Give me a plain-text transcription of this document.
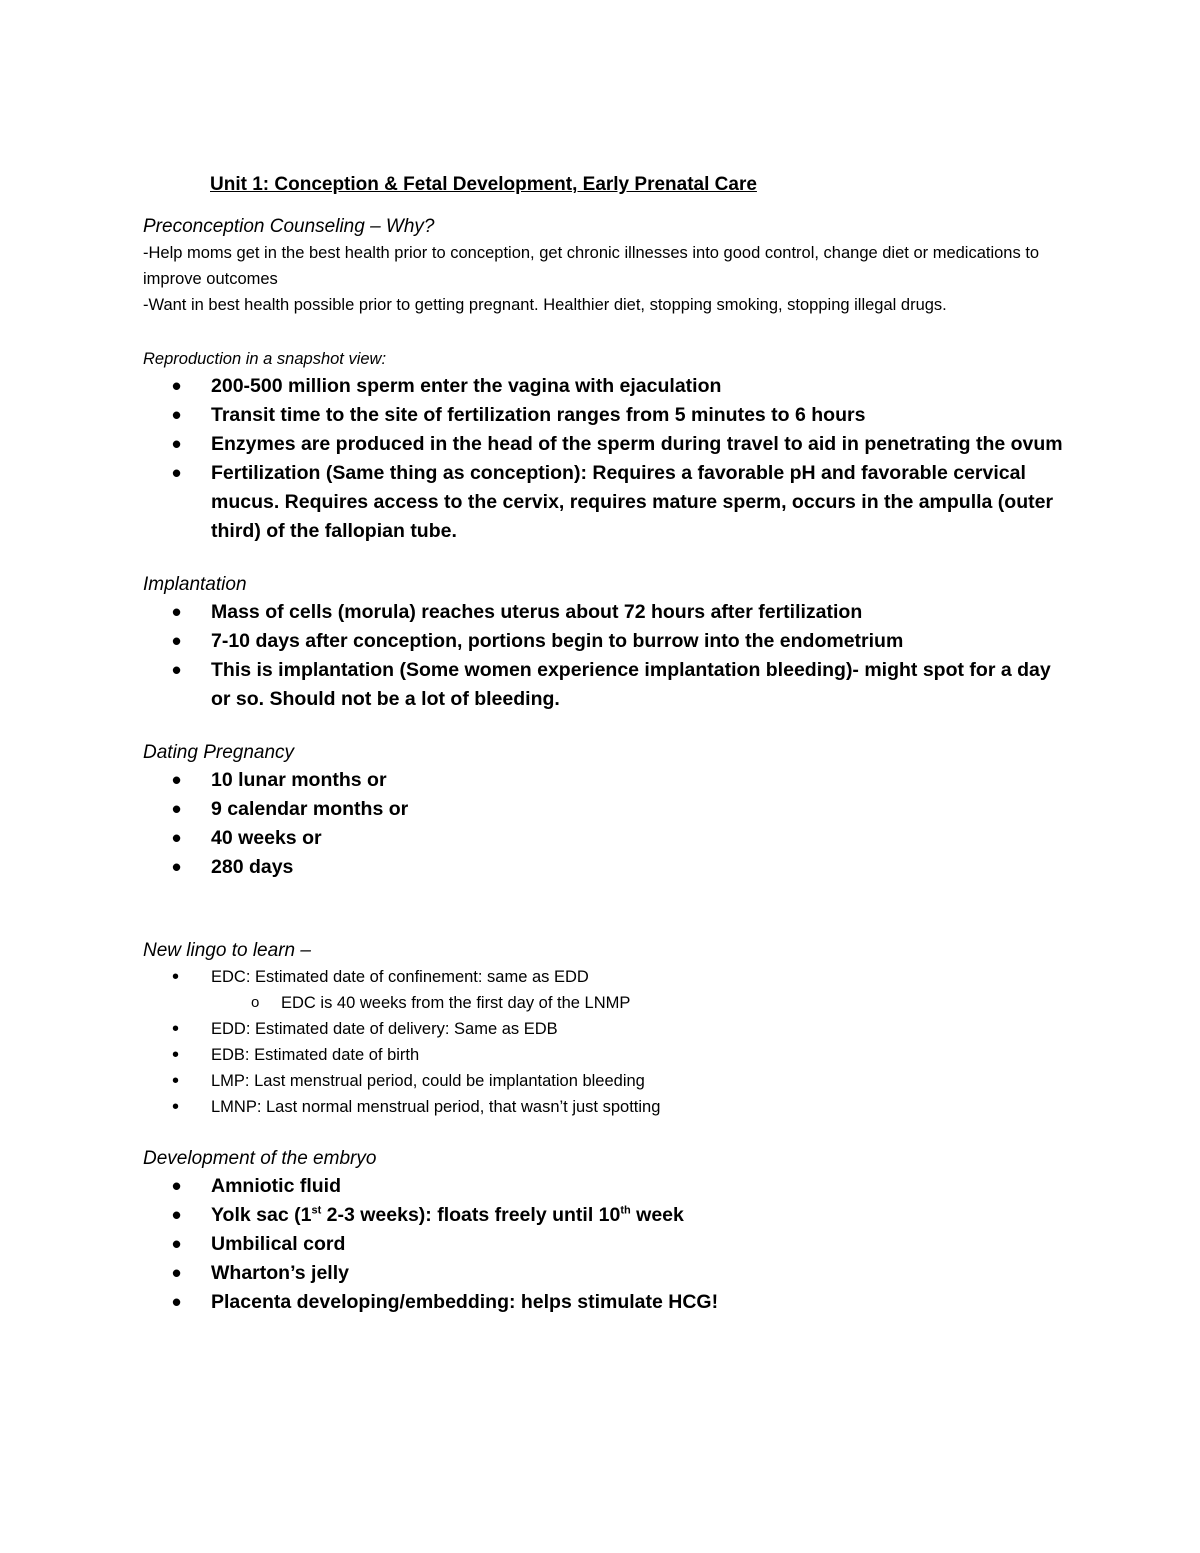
Unit 1: Conception & Fetal Development, Early Prenatal Care

Preconception Counseling – Why?

-Help moms get in the best health prior to conception, get chronic illnesses into good control, change diet or medications to improve outcomes

-Want in best health possible prior to getting pregnant. Healthier diet, stopping smoking, stopping illegal drugs.

Reproduction in a snapshot view:

• 200-500 million sperm enter the vagina with ejaculation
• Transit time to the site of fertilization ranges from 5 minutes to 6 hours
• Enzymes are produced in the head of the sperm during travel to aid in penetrating the ovum
• Fertilization (Same thing as conception): Requires a favorable pH and favorable cervical mucus. Requires access to the cervix, requires mature sperm, occurs in the ampulla (outer third) of the fallopian tube.

Implantation

• Mass of cells (morula) reaches uterus about 72 hours after fertilization
• 7-10 days after conception, portions begin to burrow into the endometrium
• This is implantation (Some women experience implantation bleeding)- might spot for a day or so. Should not be a lot of bleeding.

Dating Pregnancy

• 10 lunar months or
• 9 calendar months or
• 40 weeks or
• 280 days

New lingo to learn –

• EDC: Estimated date of confinement: same as EDD
o EDC is 40 weeks from the first day of the LNMP
• EDD: Estimated date of delivery: Same as EDB
• EDB: Estimated date of birth
• LMP: Last menstrual period, could be implantation bleeding
• LMNP: Last normal menstrual period, that wasn’t just spotting

Development of the embryo

• Amniotic fluid
• Yolk sac (1st 2-3 weeks): floats freely until 10th week
• Umbilical cord
• Wharton’s jelly
• Placenta developing/embedding: helps stimulate HCG!
